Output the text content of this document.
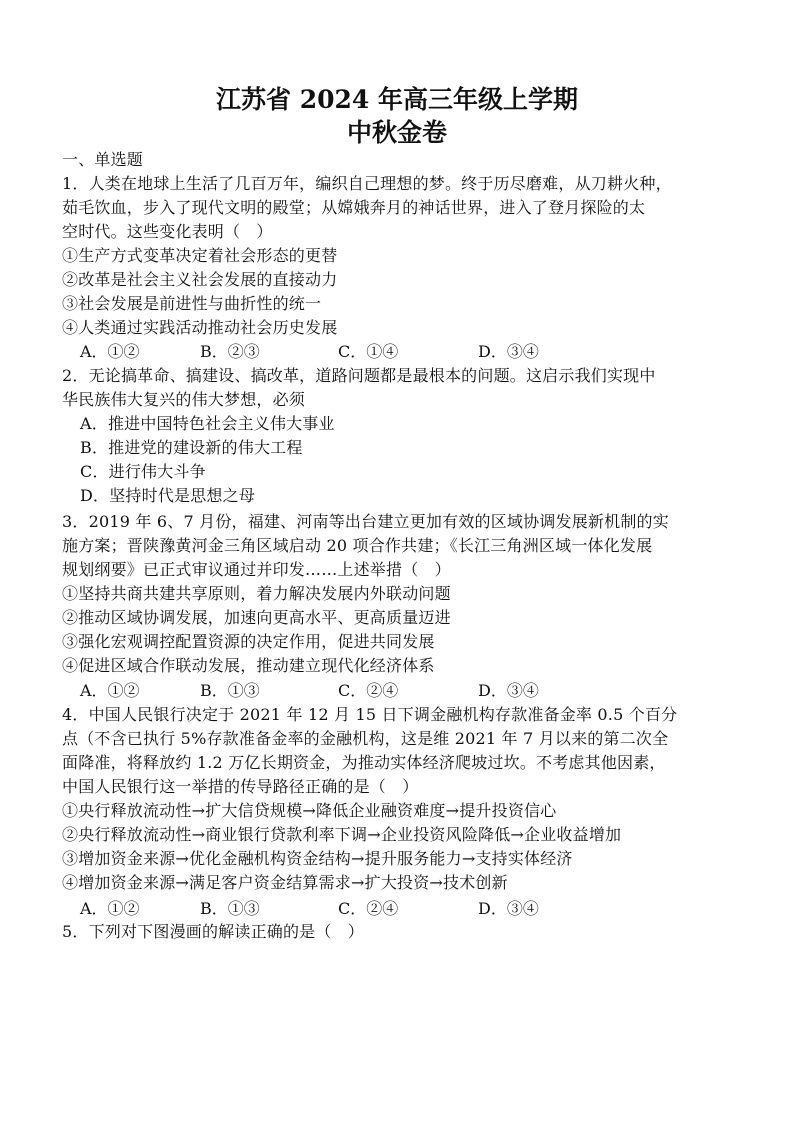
江苏省 2024 年高三年级上学期
中秋金卷
一、单选题
1．人类在地球上生活了几百万年，编织自己理想的梦。终于历尽磨难，从刀耕火种，
茹毛饮血，步入了现代文明的殿堂；从嫦娥奔月的神话世界，进入了登月探险的太
空时代。这些变化表明（　）
①生产方式变革决定着社会形态的更替
②改革是社会主义社会发展的直接动力
③社会发展是前进性与曲折性的统一
④人类通过实践活动推动社会历史发展
A．①②	B．②③	C．①④	D．③④
2．无论搞革命、搞建设、搞改革，道路问题都是最根本的问题。这启示我们实现中
华民族伟大复兴的伟大梦想，必须
A．推进中国特色社会主义伟大事业
B．推进党的建设新的伟大工程
C．进行伟大斗争
D．坚持时代是思想之母
3．2019 年 6、7 月份，福建、河南等出台建立更加有效的区域协调发展新机制的实
施方案；晋陕豫黄河金三角区域启动 20 项合作共建；《长江三角洲区域一体化发展
规划纲要》已正式审议通过并印发……上述举措（　）
①坚持共商共建共享原则，着力解决发展内外联动问题
②推动区域协调发展，加速向更高水平、更高质量迈进
③强化宏观调控配置资源的决定作用，促进共同发展
④促进区域合作联动发展，推动建立现代化经济体系
A．①②	B．①③	C．②④	D．③④
4．中国人民银行决定于 2021 年 12 月 15 日下调金融机构存款准备金率 0.5 个百分
点（不含已执行 5%存款准备金率的金融机构，这是维 2021 年 7 月以来的第二次全
面降准，将释放约 1.2 万亿长期资金，为推动实体经济爬坡过坎。不考虑其他因素，
中国人民银行这一举措的传导路径正确的是（　）
①央行释放流动性→扩大信贷规模→降低企业融资难度→提升投资信心
②央行释放流动性→商业银行贷款利率下调→企业投资风险降低→企业收益增加
③增加资金来源→优化金融机构资金结构→提升服务能力→支持实体经济
④增加资金来源→满足客户资金结算需求→扩大投资→技术创新
A．①②	B．①③	C．②④	D．③④
5．下列对下图漫画的解读正确的是（　）
